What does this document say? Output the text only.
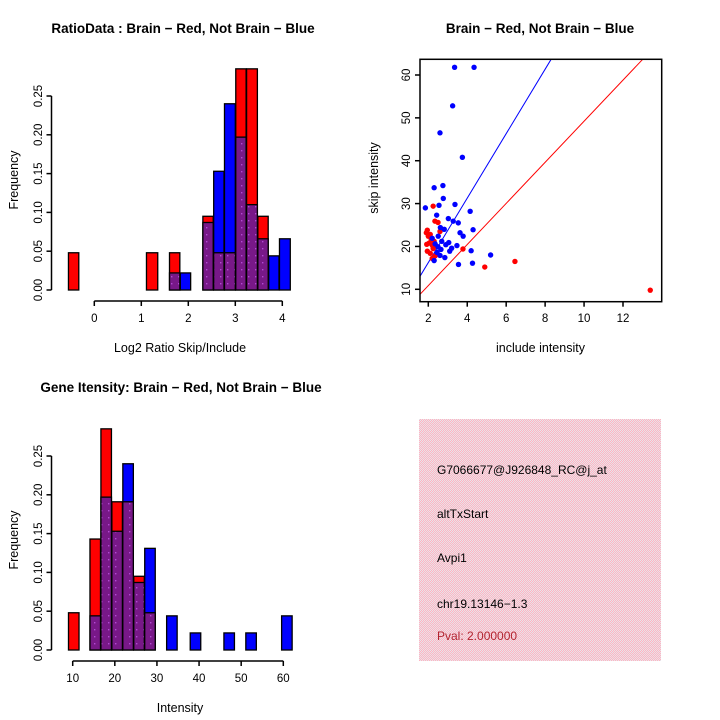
0.00
0.05
0.10
0.15
0.20
0.25
0	1	2	3	4
RatioData : Brain − Red, Not Brain − Blue
Log2 Ratio Skip/Include
Frequency
2	4	6	8	10 12
10
20
30
40
50
60
Brain − Red, Not Brain − Blue
include intensity
skip intensity
0.00
0.05
0.10
0.15
0.20
0.25
10	20	30	40	50	60
Gene Itensity: Brain − Red, Not Brain − Blue
Intensity
Frequency
G7066677@J926848_RC@j_at
altTxStart
Avpi1
chr19.13146−1.3
Pval: 2.000000
